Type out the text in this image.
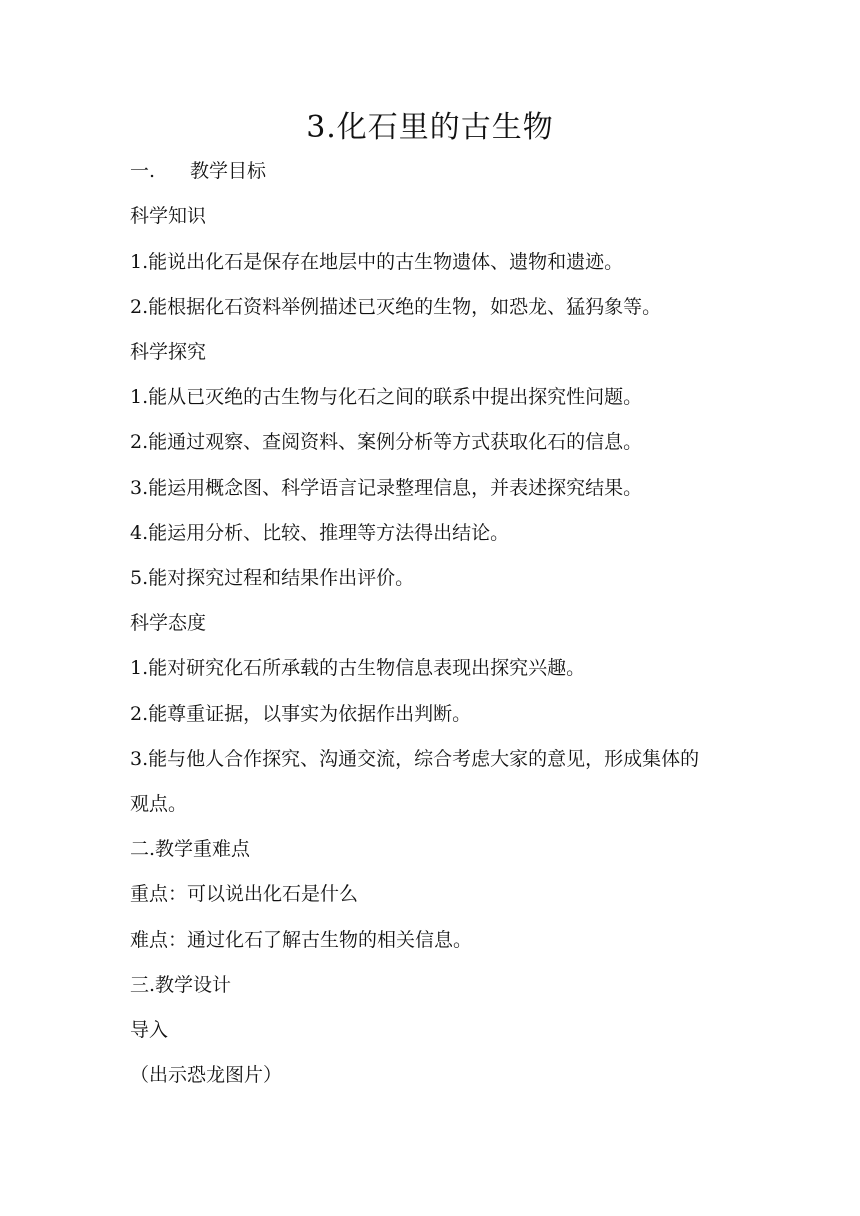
3.化石里的古生物
一. 教学目标
科学知识
1.能说出化石是保存在地层中的古生物遗体、遗物和遗迹。
2.能根据化石资料举例描述已灭绝的生物，如恐龙、猛犸象等。
科学探究
1.能从已灭绝的古生物与化石之间的联系中提出探究性问题。
2.能通过观察、查阅资料、案例分析等方式获取化石的信息。
3.能运用概念图、科学语言记录整理信息，并表述探究结果。
4.能运用分析、比较、推理等方法得出结论。
5.能对探究过程和结果作出评价。
科学态度
1.能对研究化石所承载的古生物信息表现出探究兴趣。
2.能尊重证据，以事实为依据作出判断。
3.能与他人合作探究、沟通交流，综合考虑大家的意见，形成集体的
观点。
二.教学重难点
重点：可以说出化石是什么
难点：通过化石了解古生物的相关信息。
三.教学设计
导入
（出示恐龙图片）
